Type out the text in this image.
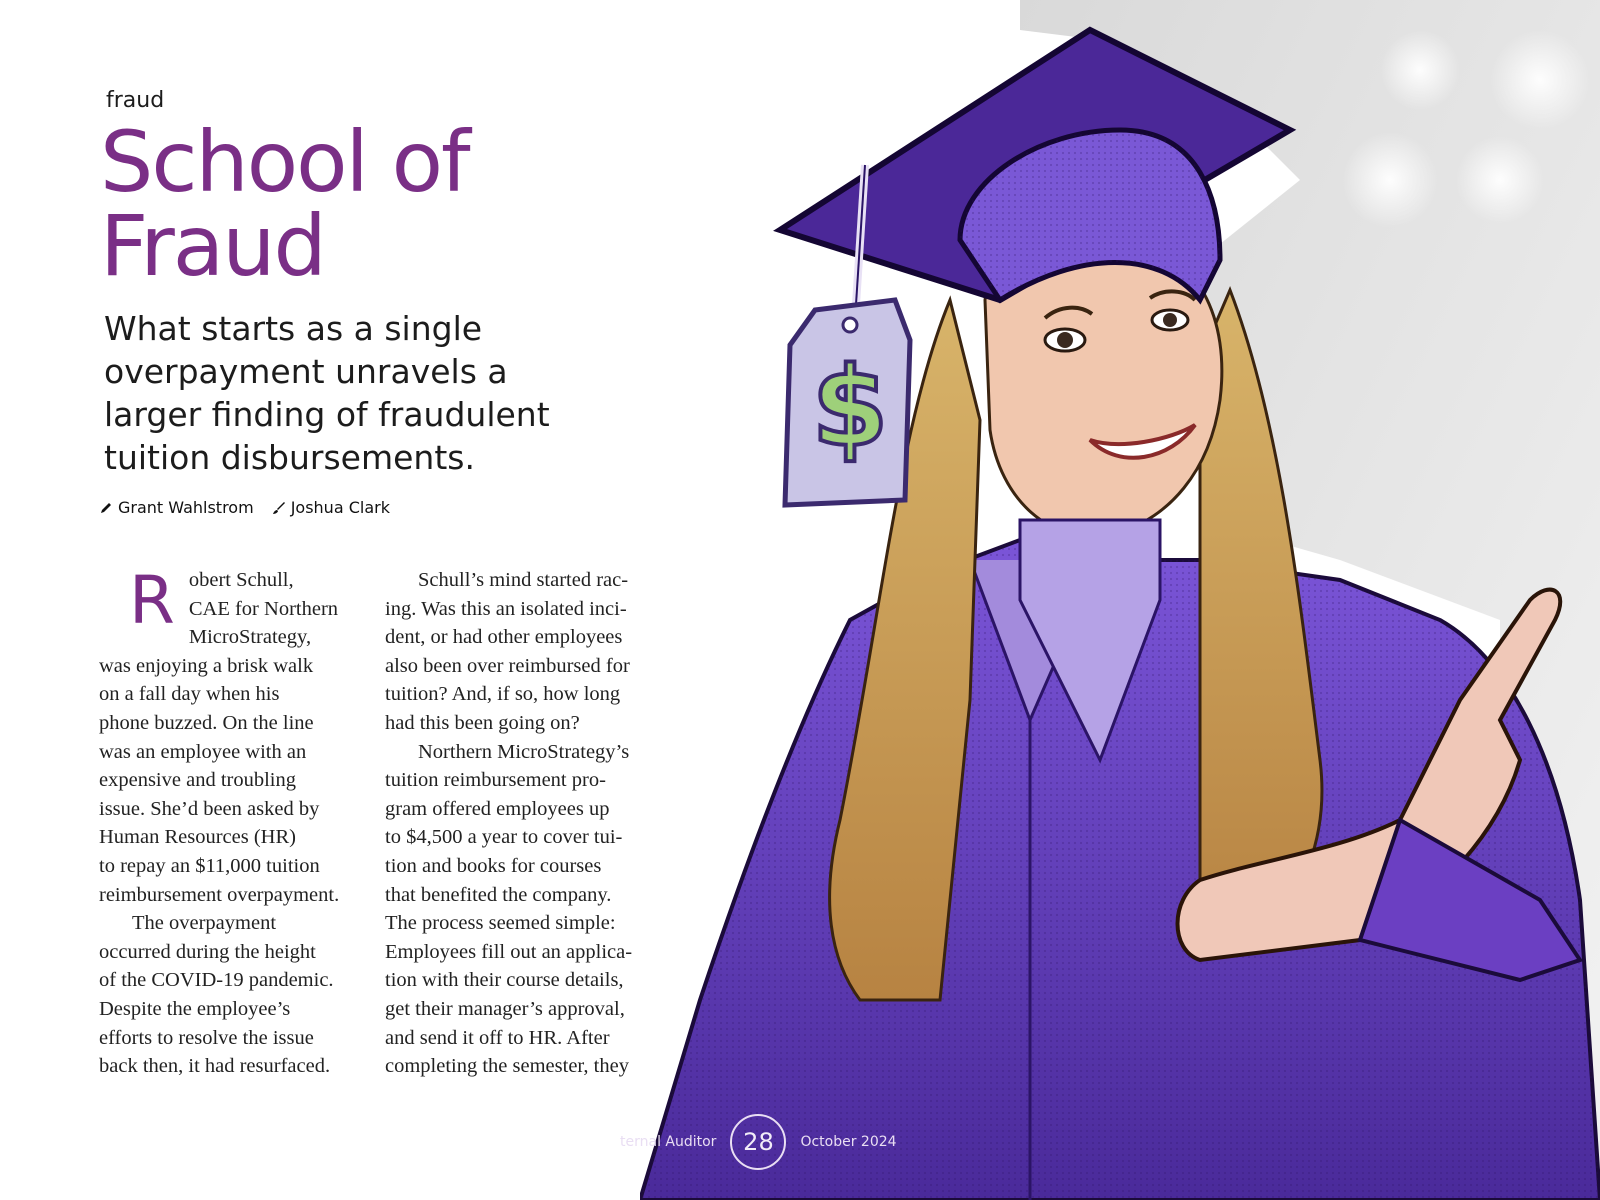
fraud
School of
Fraud
What starts as a single overpayment unravels a larger finding of fraudulent tuition disbursements.
Grant Wahlstrom Joshua Clark
R obert Schull,
CAE for Northern
MicroStrategy,
was enjoying a brisk walk
on a fall day when his
phone buzzed. On the line
was an employee with an
expensive and troubling
issue. She’d been asked by
Human Resources (HR)
to repay an $11,000 tuition
reimbursement overpayment.

The overpayment
occurred during the height
of the COVID-19 pandemic.
Despite the employee’s
efforts to resolve the issue
back then, it had resurfaced.

Schull’s mind started rac-
ing. Was this an isolated inci-
dent, or had other employees
also been over reimbursed for
tuition? And, if so, how long
had this been going on?

Northern MicroStrategy’s
tuition reimbursement pro-
gram offered employees up
to $4,500 a year to cover tui-
tion and books for courses
that benefited the company.
The process seemed simple:
Employees fill out an applica-
tion with their course details,
get their manager’s approval,
and send it off to HR. After
completing the semester, they

$
ternal Auditor	28	October 2024
